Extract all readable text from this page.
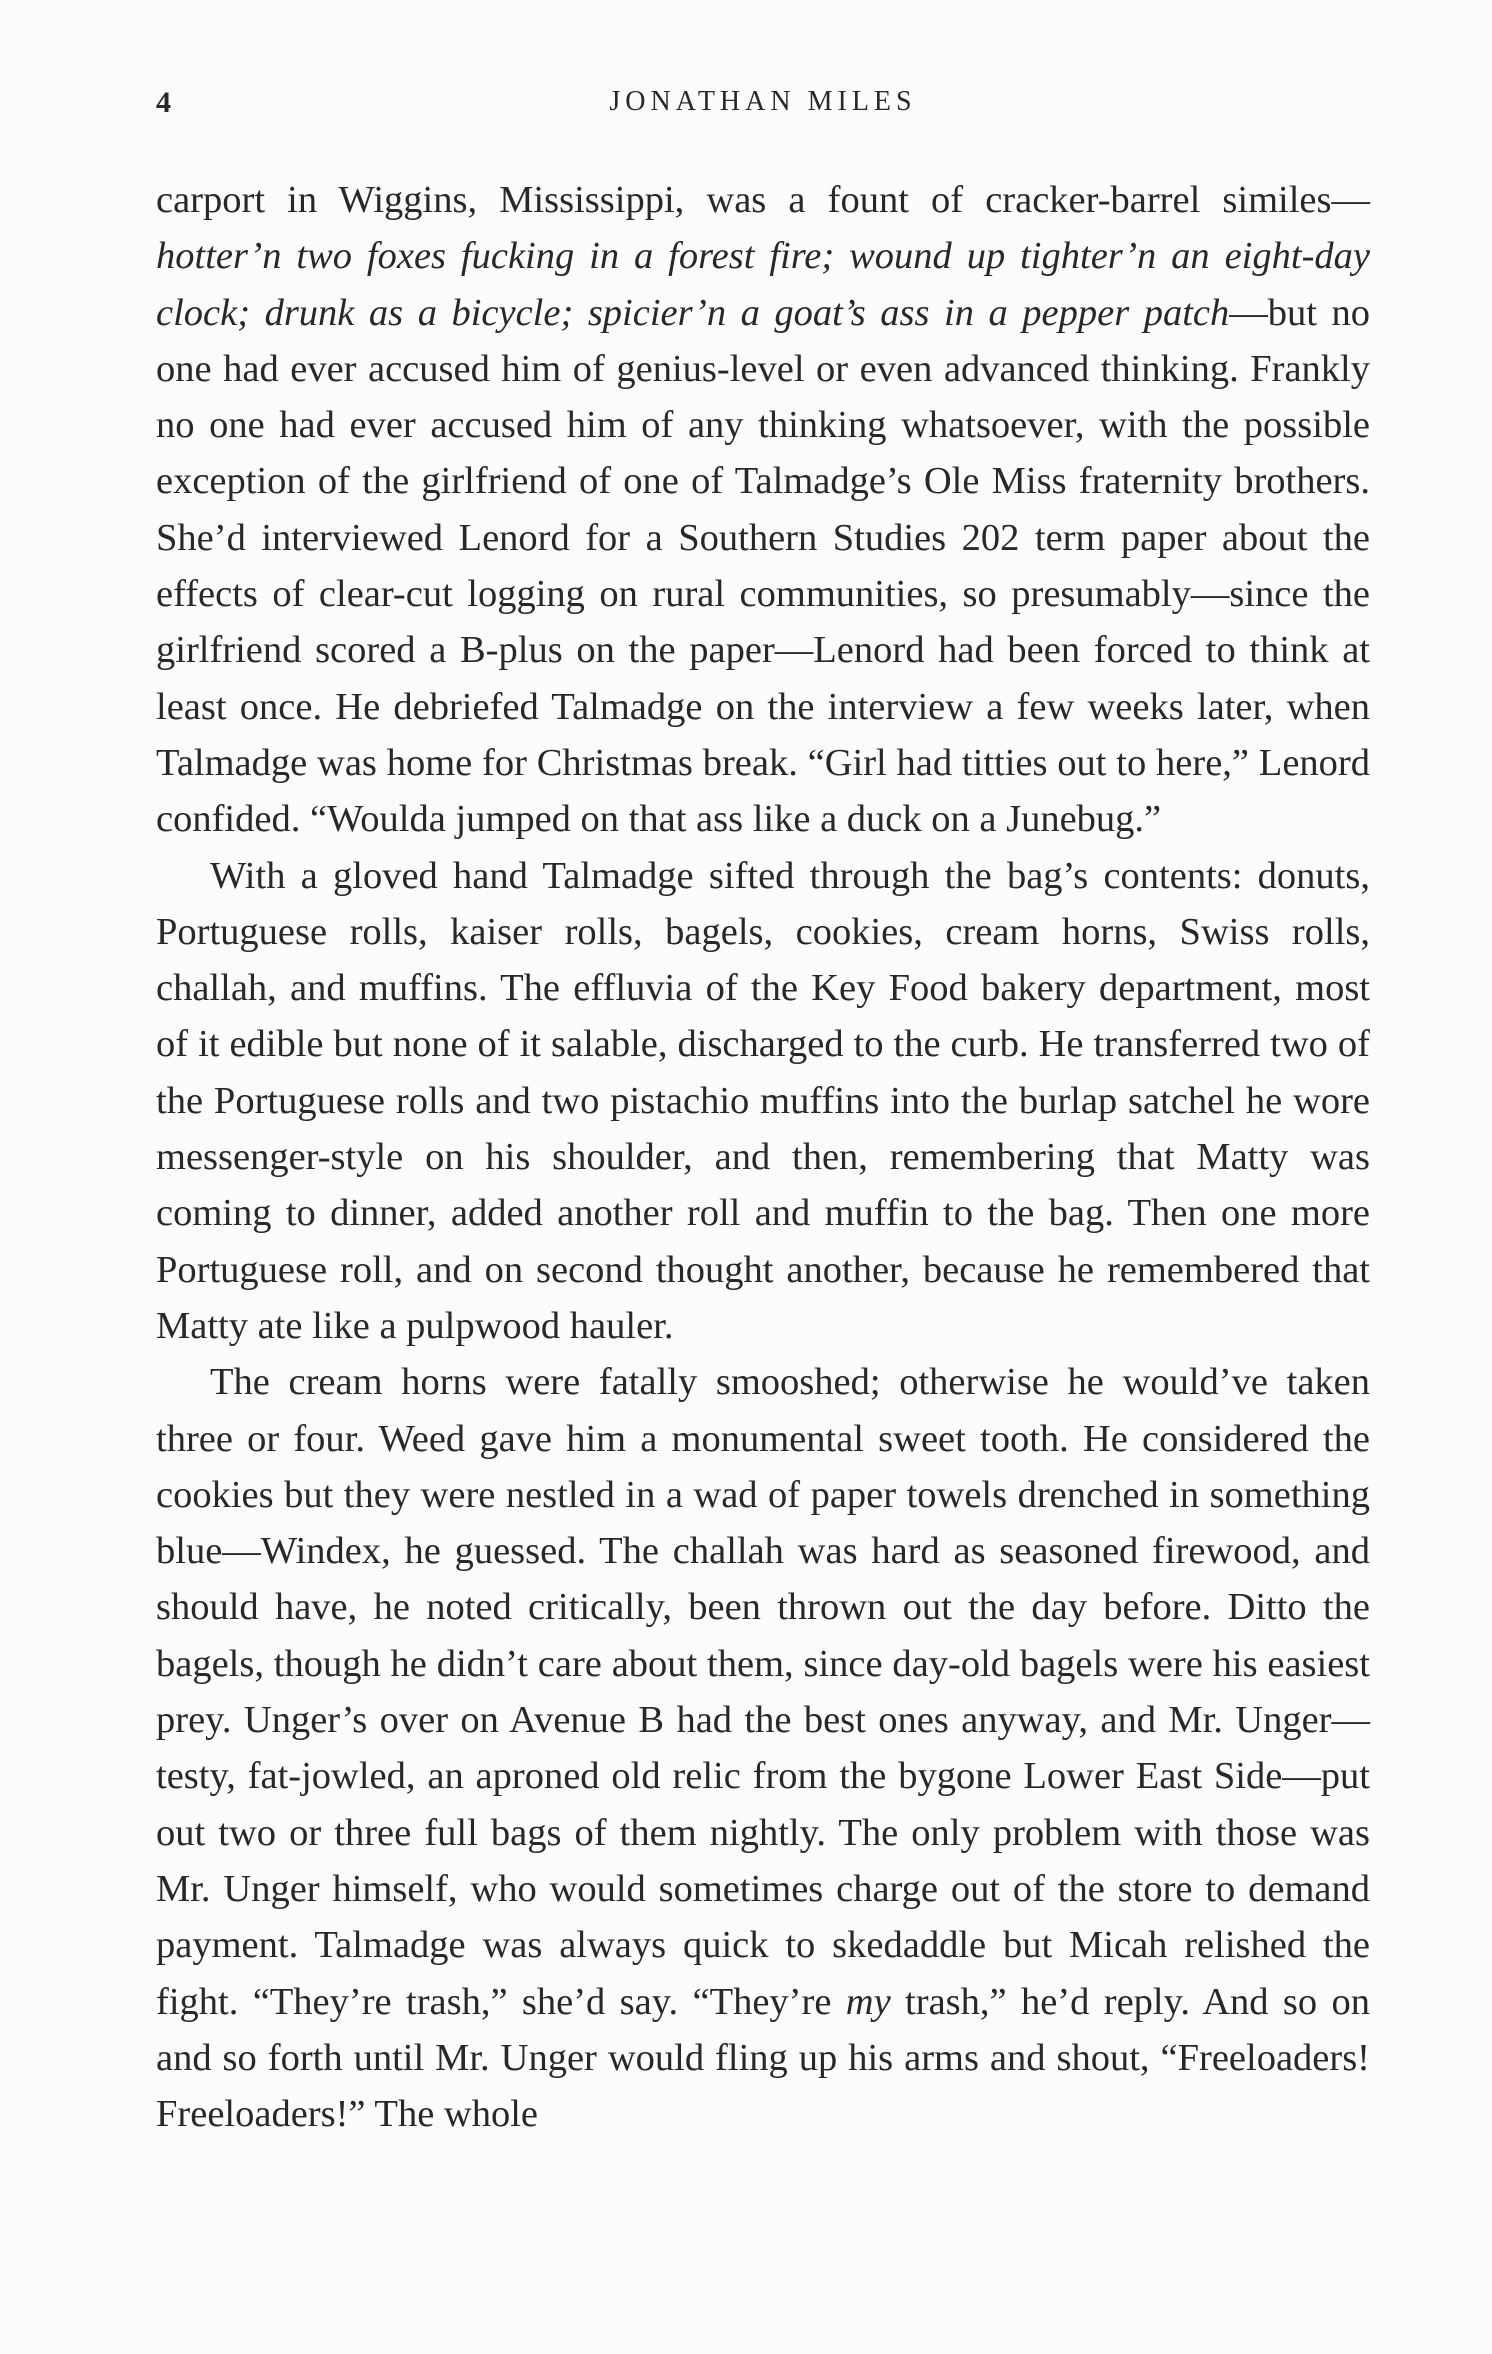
4	JONATHAN MILES

carport in Wiggins, Mississippi, was a fount of cracker-barrel similes—hotter’n two foxes fucking in a forest fire; wound up tighter’n an eight-day clock; drunk as a bicycle; spicier’n a goat’s ass in a pepper patch—but no one had ever accused him of genius-level or even advanced thinking. Frankly no one had ever accused him of any thinking whatsoever, with the possible exception of the girlfriend of one of Talmadge’s Ole Miss fraternity brothers. She’d interviewed Lenord for a Southern Studies 202 term paper about the effects of clear-cut logging on rural communities, so presumably—since the girlfriend scored a B-plus on the paper—Lenord had been forced to think at least once. He debriefed Talmadge on the interview a few weeks later, when Talmadge was home for Christmas break. “Girl had titties out to here,” Lenord confided. “Woulda jumped on that ass like a duck on a Junebug.”

With a gloved hand Talmadge sifted through the bag’s contents: donuts, Portuguese rolls, kaiser rolls, bagels, cookies, cream horns, Swiss rolls, challah, and muffins. The effluvia of the Key Food bakery department, most of it edible but none of it salable, discharged to the curb. He transferred two of the Portuguese rolls and two pistachio muffins into the burlap satchel he wore messenger-style on his shoulder, and then, remembering that Matty was coming to dinner, added another roll and muffin to the bag. Then one more Portuguese roll, and on second thought another, because he remembered that Matty ate like a pulpwood hauler.

The cream horns were fatally smooshed; otherwise he would’ve taken three or four. Weed gave him a monumental sweet tooth. He considered the cookies but they were nestled in a wad of paper towels drenched in something blue—Windex, he guessed. The challah was hard as seasoned firewood, and should have, he noted critically, been thrown out the day before. Ditto the bagels, though he didn’t care about them, since day-old bagels were his easiest prey. Unger’s over on Avenue B had the best ones anyway, and Mr. Unger—testy, fat-jowled, an aproned old relic from the bygone Lower East Side—put out two or three full bags of them nightly. The only problem with those was Mr. Unger himself, who would sometimes charge out of the store to demand payment. Talmadge was always quick to skedaddle but Micah relished the fight. “They’re trash,” she’d say. “They’re my trash,” he’d reply. And so on and so forth until Mr. Unger would fling up his arms and shout, “Freeloaders! Freeloaders!” The whole
